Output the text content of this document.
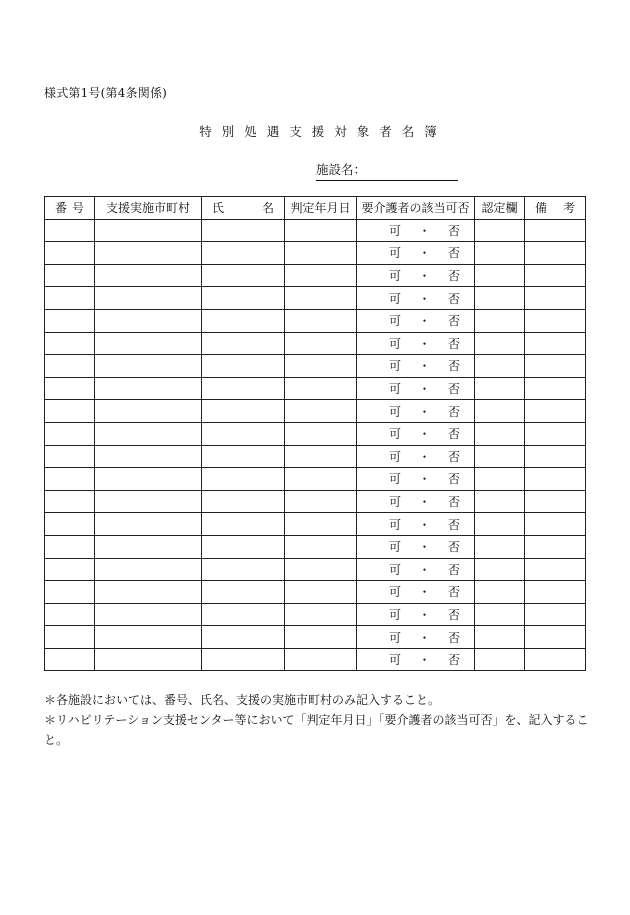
様式第1号(第4条関係)
特別処遇支援対象者名簿
施設名：
番 号	支援実施市町村	氏 名	判定年月日	要介護者の該当可否	認定欄	備 考

				可 ・ 否		

				可 ・ 否		

				可 ・ 否		

				可 ・ 否		

				可 ・ 否		

				可 ・ 否		

				可 ・ 否		

				可 ・ 否		

				可 ・ 否		

				可 ・ 否		

				可 ・ 否		

				可 ・ 否		

				可 ・ 否		

				可 ・ 否		

				可 ・ 否		

				可 ・ 否		

				可 ・ 否		

				可 ・ 否		

				可 ・ 否		

				可 ・ 否		

＊各施設においては、番号、氏名、支援の実施市町村のみ記入すること。

＊リハビリテーション支援センター等において「判定年月日」「要介護者の該当可否」を、記入すること。
